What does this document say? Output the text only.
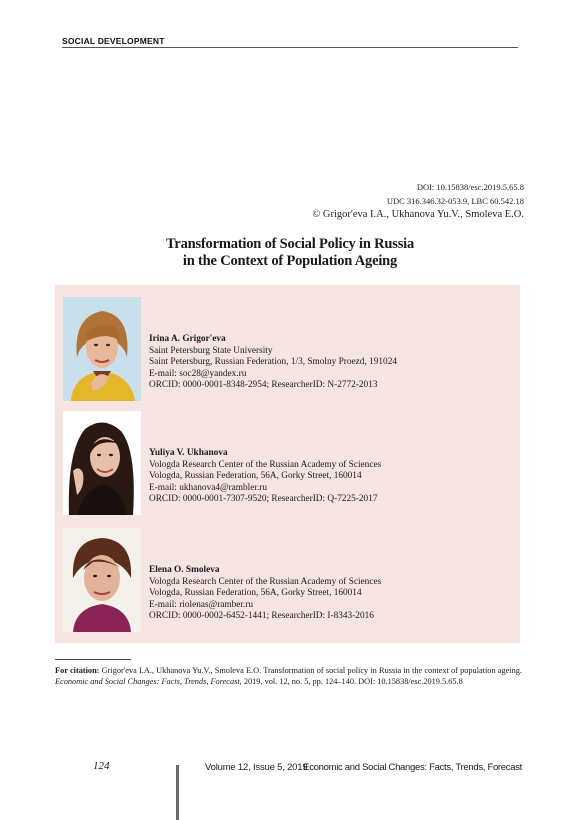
SOCIAL DEVELOPMENT
DOI: 10.15838/esc.2019.5.65.8
UDC 316.346.32-053.9, LBC 60.542.18
© Grigor'eva I.A., Ukhanova Yu.V., Smoleva E.O.
Transformation of Social Policy in Russia
in the Context of Population Ageing
Irina A. Grigor'eva
Saint Petersburg State University
Saint Petersburg, Russian Federation, 1/3, Smolny Proezd, 191024
E-mail: soc28@yandex.ru
ORCID: 0000-0001-8348-2954; ResearcherID: N-2772-2013
Yuliya V. Ukhanova
Vologda Research Center of the Russian Academy of Sciences
Vologda, Russian Federation, 56A, Gorky Street, 160014
E-mail: ukhanova4@rambler.ru
ORCID: 0000-0001-7307-9520; ResearcherID: Q-7225-2017
Elena O. Smoleva
Vologda Research Center of the Russian Academy of Sciences
Vologda, Russian Federation, 56A, Gorky Street, 160014
E-mail: riolenas@ramber.ru
ORCID: 0000-0002-6452-1441; ResearcherID: I-8343-2016
For citation: Grigor'eva I.A., Ukhanova Yu.V., Smoleva E.O. Transformation of social policy in Russia in the context of population ageing. Economic and Social Changes: Facts, Trends, Forecast, 2019, vol. 12, no. 5, pp. 124–140. DOI: 10.15838/esc.2019.5.65.8
124	Volume 12, Issue 5, 2019
Economic and Social Changes: Facts, Trends, Forecast
